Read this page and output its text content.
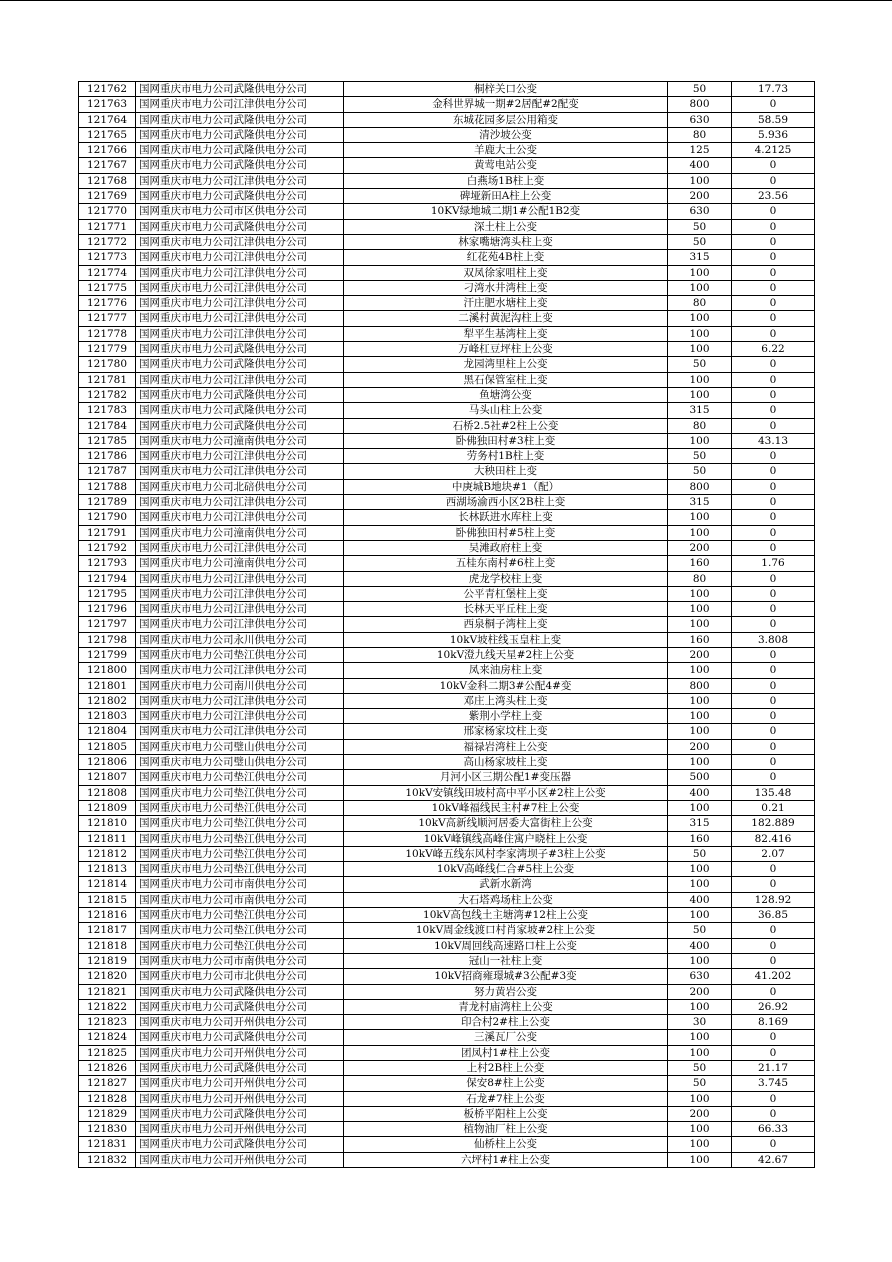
121762	国网重庆市电力公司武隆供电分公司	桐梓关口公变	50	17.73
121763	国网重庆市电力公司江津供电分公司	金科世界城一期#2居配#2配变	800	0
121764	国网重庆市电力公司武隆供电分公司	东城花园多层公用箱变	630	58.59
121765	国网重庆市电力公司武隆供电分公司	清沙坡公变	80	5.936
121766	国网重庆市电力公司武隆供电分公司	羊鹿大土公变	125	4.2125
121767	国网重庆市电力公司武隆供电分公司	黄莺电站公变	400	0
121768	国网重庆市电力公司江津供电分公司	白燕场1B柱上变	100	0
121769	国网重庆市电力公司武隆供电分公司	碑垭新田A柱上公变	200	23.56
121770	国网重庆市电力公司市区供电分公司	10KV绿地城二期1#公配1B2变	630	0
121771	国网重庆市电力公司武隆供电分公司	深土柱上公变	50	0
121772	国网重庆市电力公司江津供电分公司	林家嘴塘湾头柱上变	50	0
121773	国网重庆市电力公司江津供电分公司	红花苑4B柱上变	315	0
121774	国网重庆市电力公司江津供电分公司	双凤徐家咀柱上变	100	0
121775	国网重庆市电力公司江津供电分公司	刁湾水井湾柱上变	100	0
121776	国网重庆市电力公司江津供电分公司	汗庄肥水塘柱上变	80	0
121777	国网重庆市电力公司江津供电分公司	二溪村黄泥沟柱上变	100	0
121778	国网重庆市电力公司江津供电分公司	犁平生基湾柱上变	100	0
121779	国网重庆市电力公司武隆供电分公司	万峰杠豆坪柱上公变	100	6.22
121780	国网重庆市电力公司武隆供电分公司	龙园湾里柱上公变	50	0
121781	国网重庆市电力公司江津供电分公司	黑石保管室柱上变	100	0
121782	国网重庆市电力公司武隆供电分公司	鱼塘湾公变	100	0
121783	国网重庆市电力公司武隆供电分公司	马头山柱上公变	315	0
121784	国网重庆市电力公司武隆供电分公司	石桥2.5社#2柱上公变	80	0
121785	国网重庆市电力公司潼南供电分公司	卧佛独田村#3柱上变	100	43.13
121786	国网重庆市电力公司江津供电分公司	劳务村1B柱上变	50	0
121787	国网重庆市电力公司江津供电分公司	大秧田柱上变	50	0
121788	国网重庆市电力公司北碚供电分公司	中庚城B地块#1（配）	800	0
121789	国网重庆市电力公司江津供电分公司	西湖场渝西小区2B柱上变	315	0
121790	国网重庆市电力公司江津供电分公司	长林跃进水库柱上变	100	0
121791	国网重庆市电力公司潼南供电分公司	卧佛独田村#5柱上变	100	0
121792	国网重庆市电力公司江津供电分公司	吴滩政府柱上变	200	0
121793	国网重庆市电力公司潼南供电分公司	五桂东南村#6柱上变	160	1.76
121794	国网重庆市电力公司江津供电分公司	虎龙学校柱上变	80	0
121795	国网重庆市电力公司江津供电分公司	公平青杠堡柱上变	100	0
121796	国网重庆市电力公司江津供电分公司	长林天平丘柱上变	100	0
121797	国网重庆市电力公司江津供电分公司	西泉桐子湾柱上变	100	0
121798	国网重庆市电力公司永川供电分公司	10kV坡柱线玉皇柱上变	160	3.808
121799	国网重庆市电力公司垫江供电分公司	10kV澄九线天星#2柱上公变	200	0
121800	国网重庆市电力公司江津供电分公司	凤来油房柱上变	100	0
121801	国网重庆市电力公司南川供电分公司	10kV金科二期3#公配4#变	800	0
121802	国网重庆市电力公司江津供电分公司	邓庄上湾头柱上变	100	0
121803	国网重庆市电力公司江津供电分公司	紫荆小学柱上变	100	0
121804	国网重庆市电力公司江津供电分公司	邢家杨家坟柱上变	100	0
121805	国网重庆市电力公司璧山供电分公司	福禄岩湾柱上公变	200	0
121806	国网重庆市电力公司璧山供电分公司	高山杨家坡柱上变	100	0
121807	国网重庆市电力公司垫江供电分公司	月河小区三期公配1#变压器	500	0
121808	国网重庆市电力公司垫江供电分公司	10kV安镇线田坡村高中平小区#2柱上公变	400	135.48
121809	国网重庆市电力公司垫江供电分公司	10kV峰福线民主村#7柱上公变	100	0.21
121810	国网重庆市电力公司垫江供电分公司	10kV高新线顺河居委大富街柱上公变	315	182.889
121811	国网重庆市电力公司垫江供电分公司	10kV峰镇线高峰住寓户晓柱上公变	160	82.416
121812	国网重庆市电力公司垫江供电分公司	10kV峰五线东风村李家湾坝子#3柱上公变	50	2.07
121813	国网重庆市电力公司垫江供电分公司	10kV高峰线仁合#5柱上公变	100	0
121814	国网重庆市电力公司市南供电分公司	武新水新湾	100	0
121815	国网重庆市电力公司市南供电分公司	大石塔鸡场柱上公变	400	128.92
121816	国网重庆市电力公司垫江供电分公司	10kV高包线土主塘湾#12柱上公变	100	36.85
121817	国网重庆市电力公司垫江供电分公司	10kV周金线渡口村肖家坡#2柱上公变	50	0
121818	国网重庆市电力公司垫江供电分公司	10kV周回线高速路口柱上公变	400	0
121819	国网重庆市电力公司市南供电分公司	冠山一社柱上变	100	0
121820	国网重庆市电力公司市北供电分公司	10kV招商雍璟城#3公配#3变	630	41.202
121821	国网重庆市电力公司武隆供电分公司	努力黄岩公变	200	0
121822	国网重庆市电力公司武隆供电分公司	青龙村庙湾柱上公变	100	26.92
121823	国网重庆市电力公司开州供电分公司	印合村2#柱上公变	30	8.169
121824	国网重庆市电力公司武隆供电分公司	三溪瓦厂公变	100	0
121825	国网重庆市电力公司开州供电分公司	团凤村1#柱上公变	100	0
121826	国网重庆市电力公司武隆供电分公司	上村2B柱上公变	50	21.17
121827	国网重庆市电力公司开州供电分公司	保安8#柱上公变	50	3.745
121828	国网重庆市电力公司开州供电分公司	石龙#7柱上公变	100	0
121829	国网重庆市电力公司武隆供电分公司	板桥平阳柱上公变	200	0
121830	国网重庆市电力公司开州供电分公司	植物油厂柱上公变	100	66.33
121831	国网重庆市电力公司武隆供电分公司	仙桥柱上公变	100	0
121832	国网重庆市电力公司开州供电分公司	六坪村1#柱上公变	100	42.67
